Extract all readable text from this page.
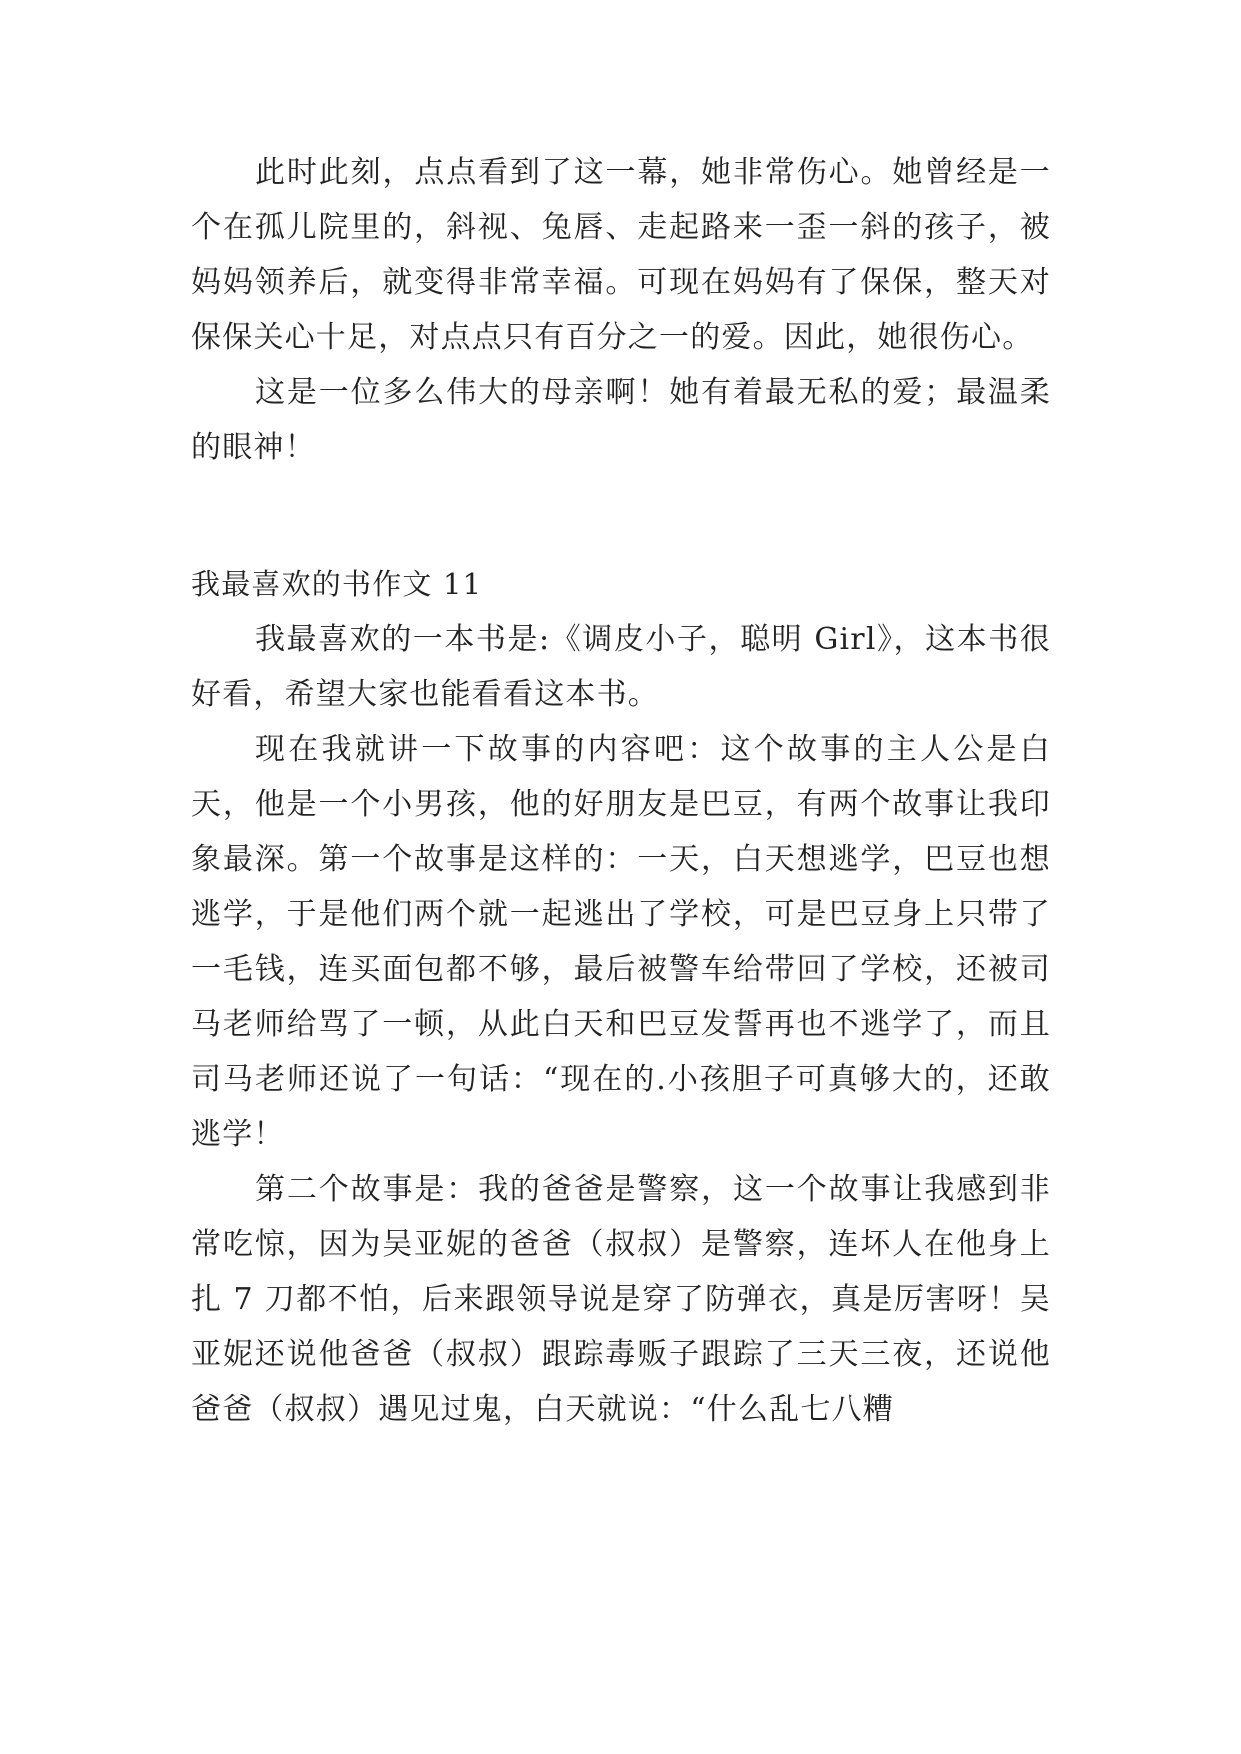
此时此刻，点点看到了这一幕，她非常伤心。她曾经是一个在孤儿院里的，斜视、兔唇、走起路来一歪一斜的孩子，被妈妈领养后，就变得非常幸福。可现在妈妈有了保保，整天对保保关心十足，对点点只有百分之一的爱。因此，她很伤心。

这是一位多么伟大的母亲啊！她有着最无私的爱；最温柔的眼神！

我最喜欢的书作文 11

我最喜欢的一本书是:《调皮小子，聪明 Girl》，这本书很好看，希望大家也能看看这本书。

现在我就讲一下故事的内容吧：这个故事的主人公是白天，他是一个小男孩，他的好朋友是巴豆，有两个故事让我印象最深。第一个故事是这样的：一天，白天想逃学，巴豆也想逃学，于是他们两个就一起逃出了学校，可是巴豆身上只带了一毛钱，连买面包都不够，最后被警车给带回了学校，还被司马老师给骂了一顿，从此白天和巴豆发誓再也不逃学了，而且司马老师还说了一句话：“现在的.小孩胆子可真够大的，还敢逃学！

第二个故事是：我的爸爸是警察，这一个故事让我感到非常吃惊，因为吴亚妮的爸爸（叔叔）是警察，连坏人在他身上扎 7 刀都不怕，后来跟领导说是穿了防弹衣，真是厉害呀！吴亚妮还说他爸爸（叔叔）跟踪毒贩子跟踪了三天三夜，还说他爸爸（叔叔）遇见过鬼，白天就说：“什么乱七八糟
